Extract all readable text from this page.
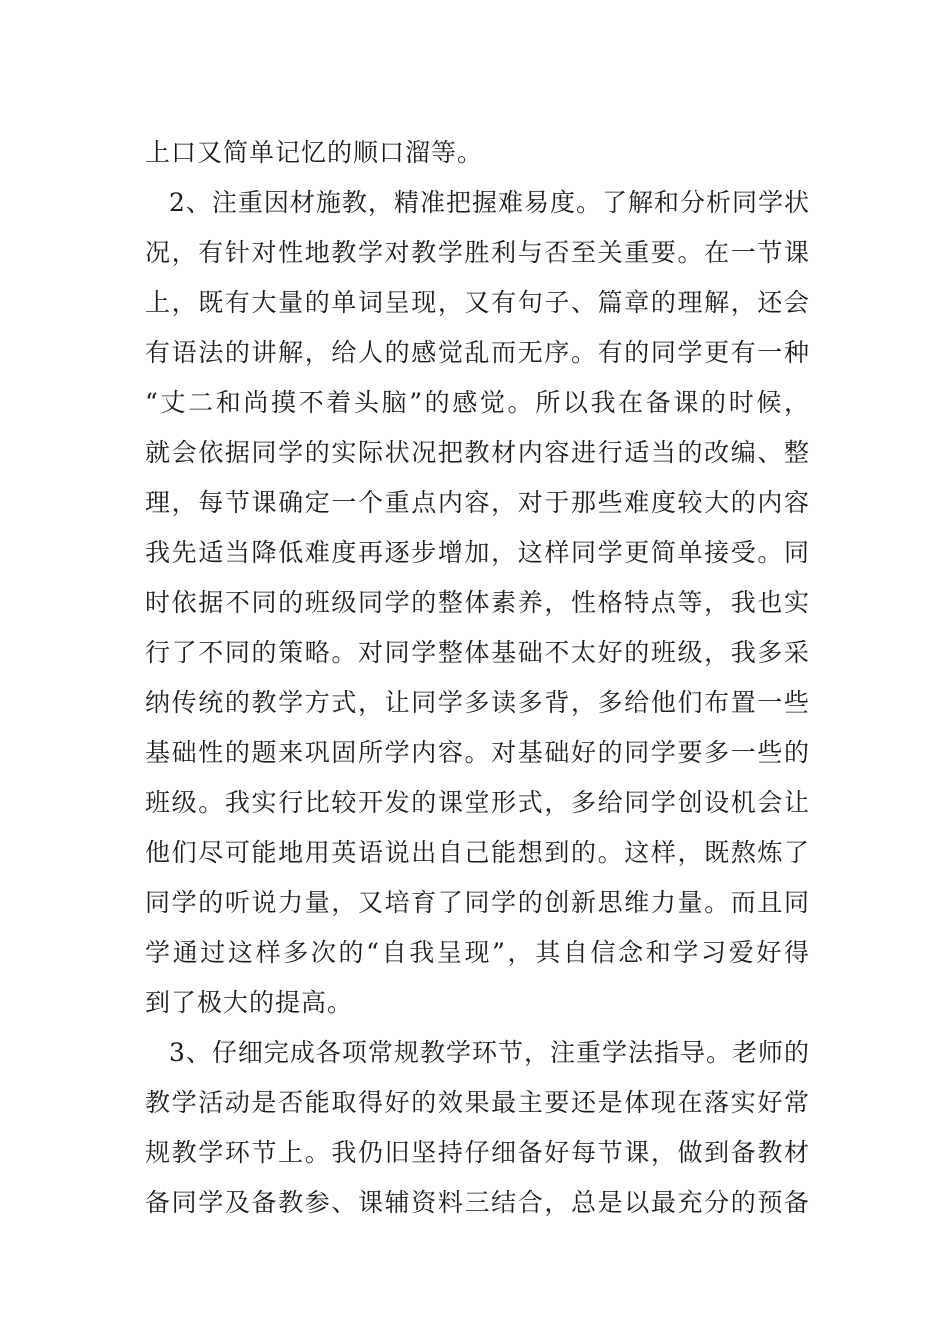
上口又简单记忆的顺口溜等。
2、注重因材施教，精准把握难易度。了解和分析同学状
况，有针对性地教学对教学胜利与否至关重要。在一节课
上，既有大量的单词呈现，又有句子、篇章的理解，还会
有语法的讲解，给人的感觉乱而无序。有的同学更有一种
“丈二和尚摸不着头脑”的感觉。所以我在备课的时候，
就会依据同学的实际状况把教材内容进行适当的改编、整
理，每节课确定一个重点内容，对于那些难度较大的内容
我先适当降低难度再逐步增加，这样同学更简单接受。同
时依据不同的班级同学的整体素养，性格特点等，我也实
行了不同的策略。对同学整体基础不太好的班级，我多采
纳传统的教学方式，让同学多读多背，多给他们布置一些
基础性的题来巩固所学内容。对基础好的同学要多一些的
班级。我实行比较开发的课堂形式，多给同学创设机会让
他们尽可能地用英语说出自己能想到的。这样，既熬炼了
同学的听说力量，又培育了同学的创新思维力量。而且同
学通过这样多次的“自我呈现”，其自信念和学习爱好得
到了极大的提高。
3、仔细完成各项常规教学环节，注重学法指导。老师的
教学活动是否能取得好的效果最主要还是体现在落实好常
规教学环节上。我仍旧坚持仔细备好每节课，做到备教材
备同学及备教参、课辅资料三结合，总是以最充分的预备
